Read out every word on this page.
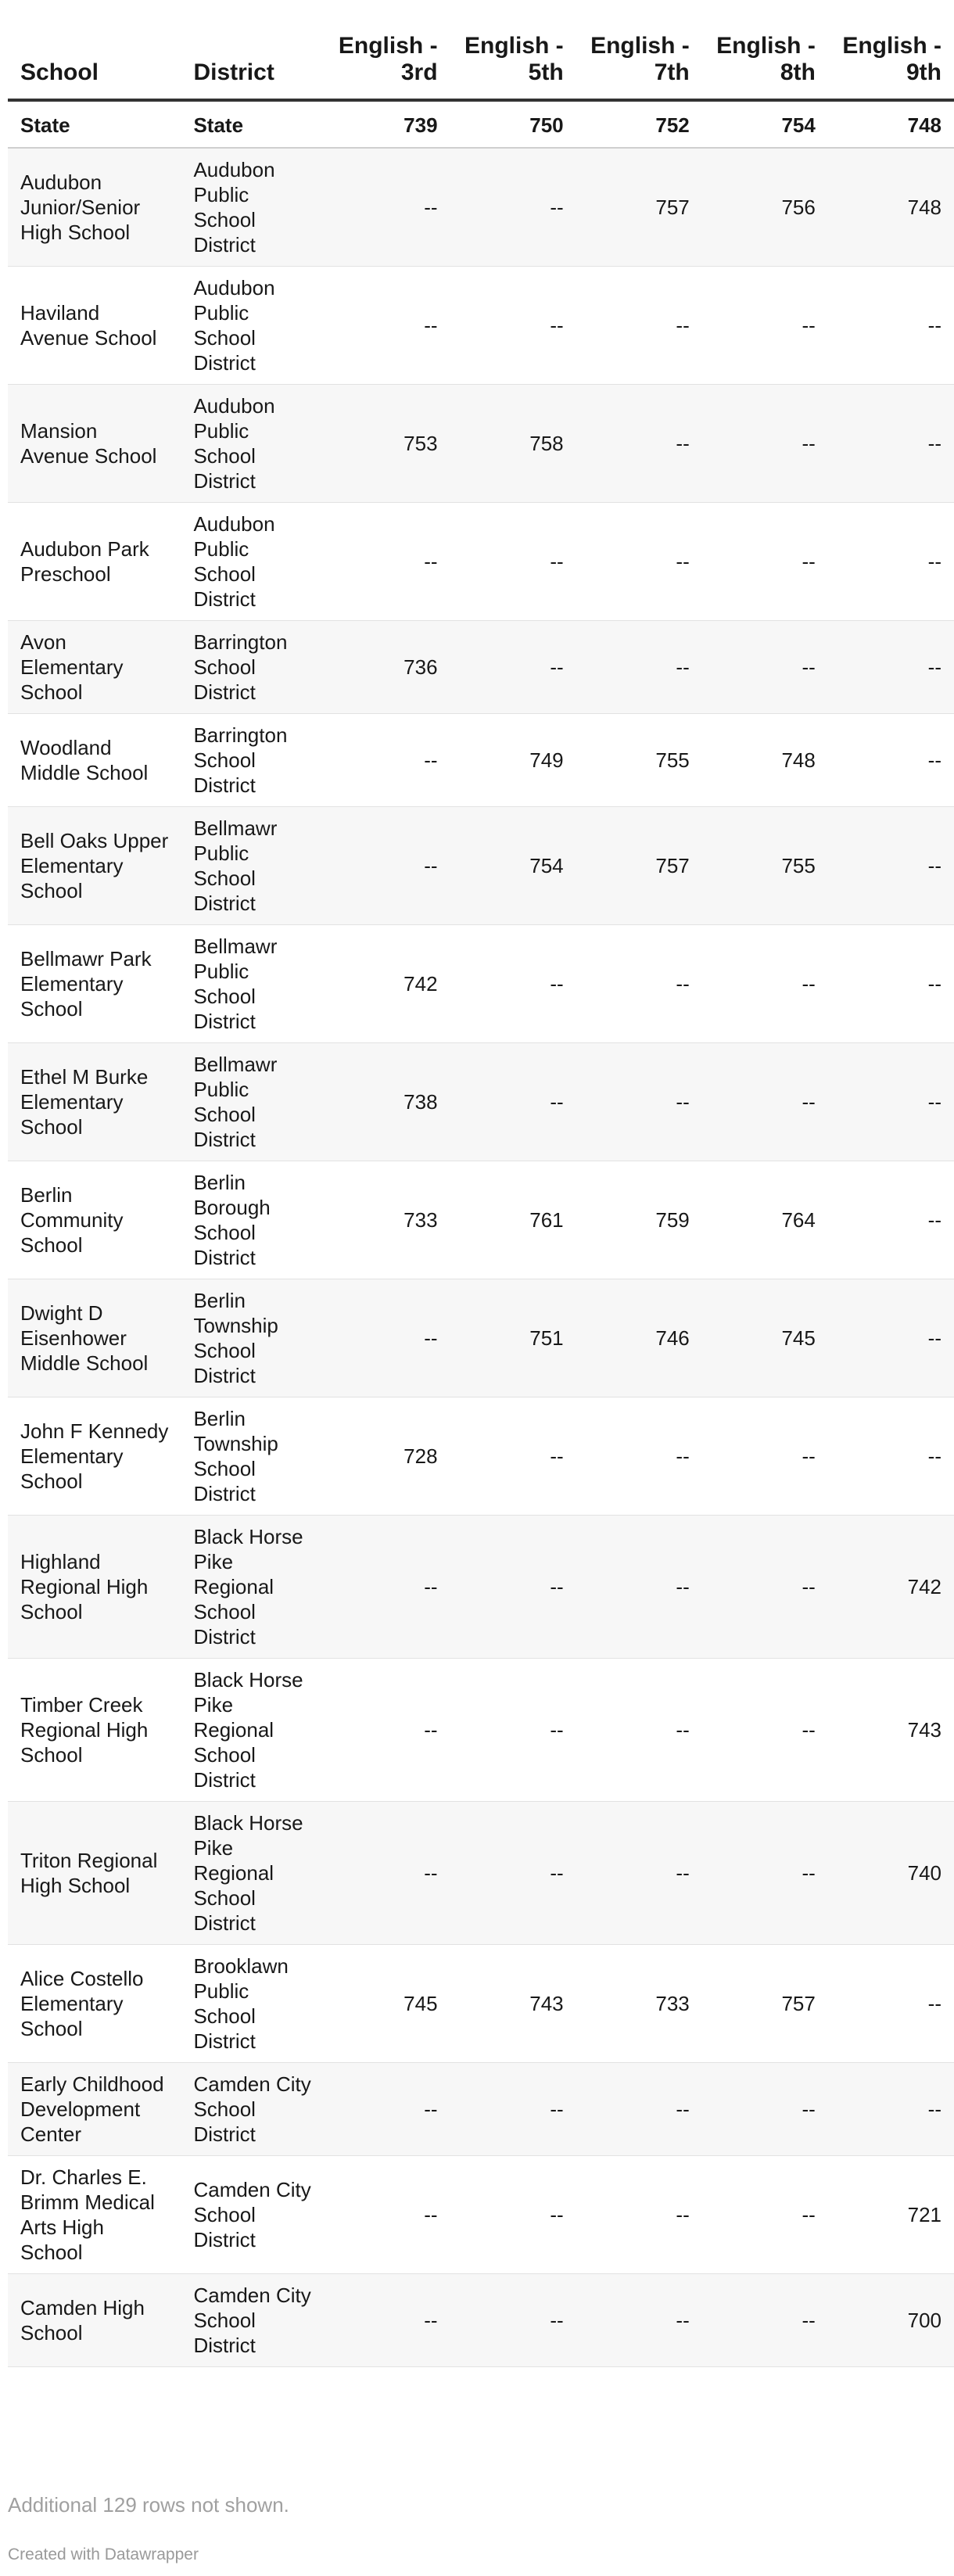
School	District	English - 3rd	English - 5th	English - 7th	English - 8th	English - 9th
State	State	739	750	752	754	748
Audubon Junior/Senior High School	Audubon Public School District	--	--	757	756	748
Haviland Avenue School	Audubon Public School District	--	--	--	--	--
Mansion Avenue School	Audubon Public School District	753	758	--	--	--
Audubon Park Preschool	Audubon Public School District	--	--	--	--	--
Avon Elementary School	Barrington School District	736	--	--	--	--
Woodland Middle School	Barrington School District	--	749	755	748	--
Bell Oaks Upper Elementary School	Bellmawr Public School District	--	754	757	755	--
Bellmawr Park Elementary School	Bellmawr Public School District	742	--	--	--	--
Ethel M Burke Elementary School	Bellmawr Public School District	738	--	--	--	--
Berlin Community School	Berlin Borough School District	733	761	759	764	--
Dwight D Eisenhower Middle School	Berlin Township School District	--	751	746	745	--
John F Kennedy Elementary School	Berlin Township School District	728	--	--	--	--
Highland Regional High School	Black Horse Pike Regional School District	--	--	--	--	742
Timber Creek Regional High School	Black Horse Pike Regional School District	--	--	--	--	743
Triton Regional High School	Black Horse Pike Regional School District	--	--	--	--	740
Alice Costello Elementary School	Brooklawn Public School District	745	743	733	757	--
Early Childhood Development Center	Camden City School District	--	--	--	--	--
Dr. Charles E. Brimm Medical Arts High School	Camden City School District	--	--	--	--	721
Camden High School	Camden City School District	--	--	--	--	700
Additional 129 rows not shown.
Created with Datawrapper
